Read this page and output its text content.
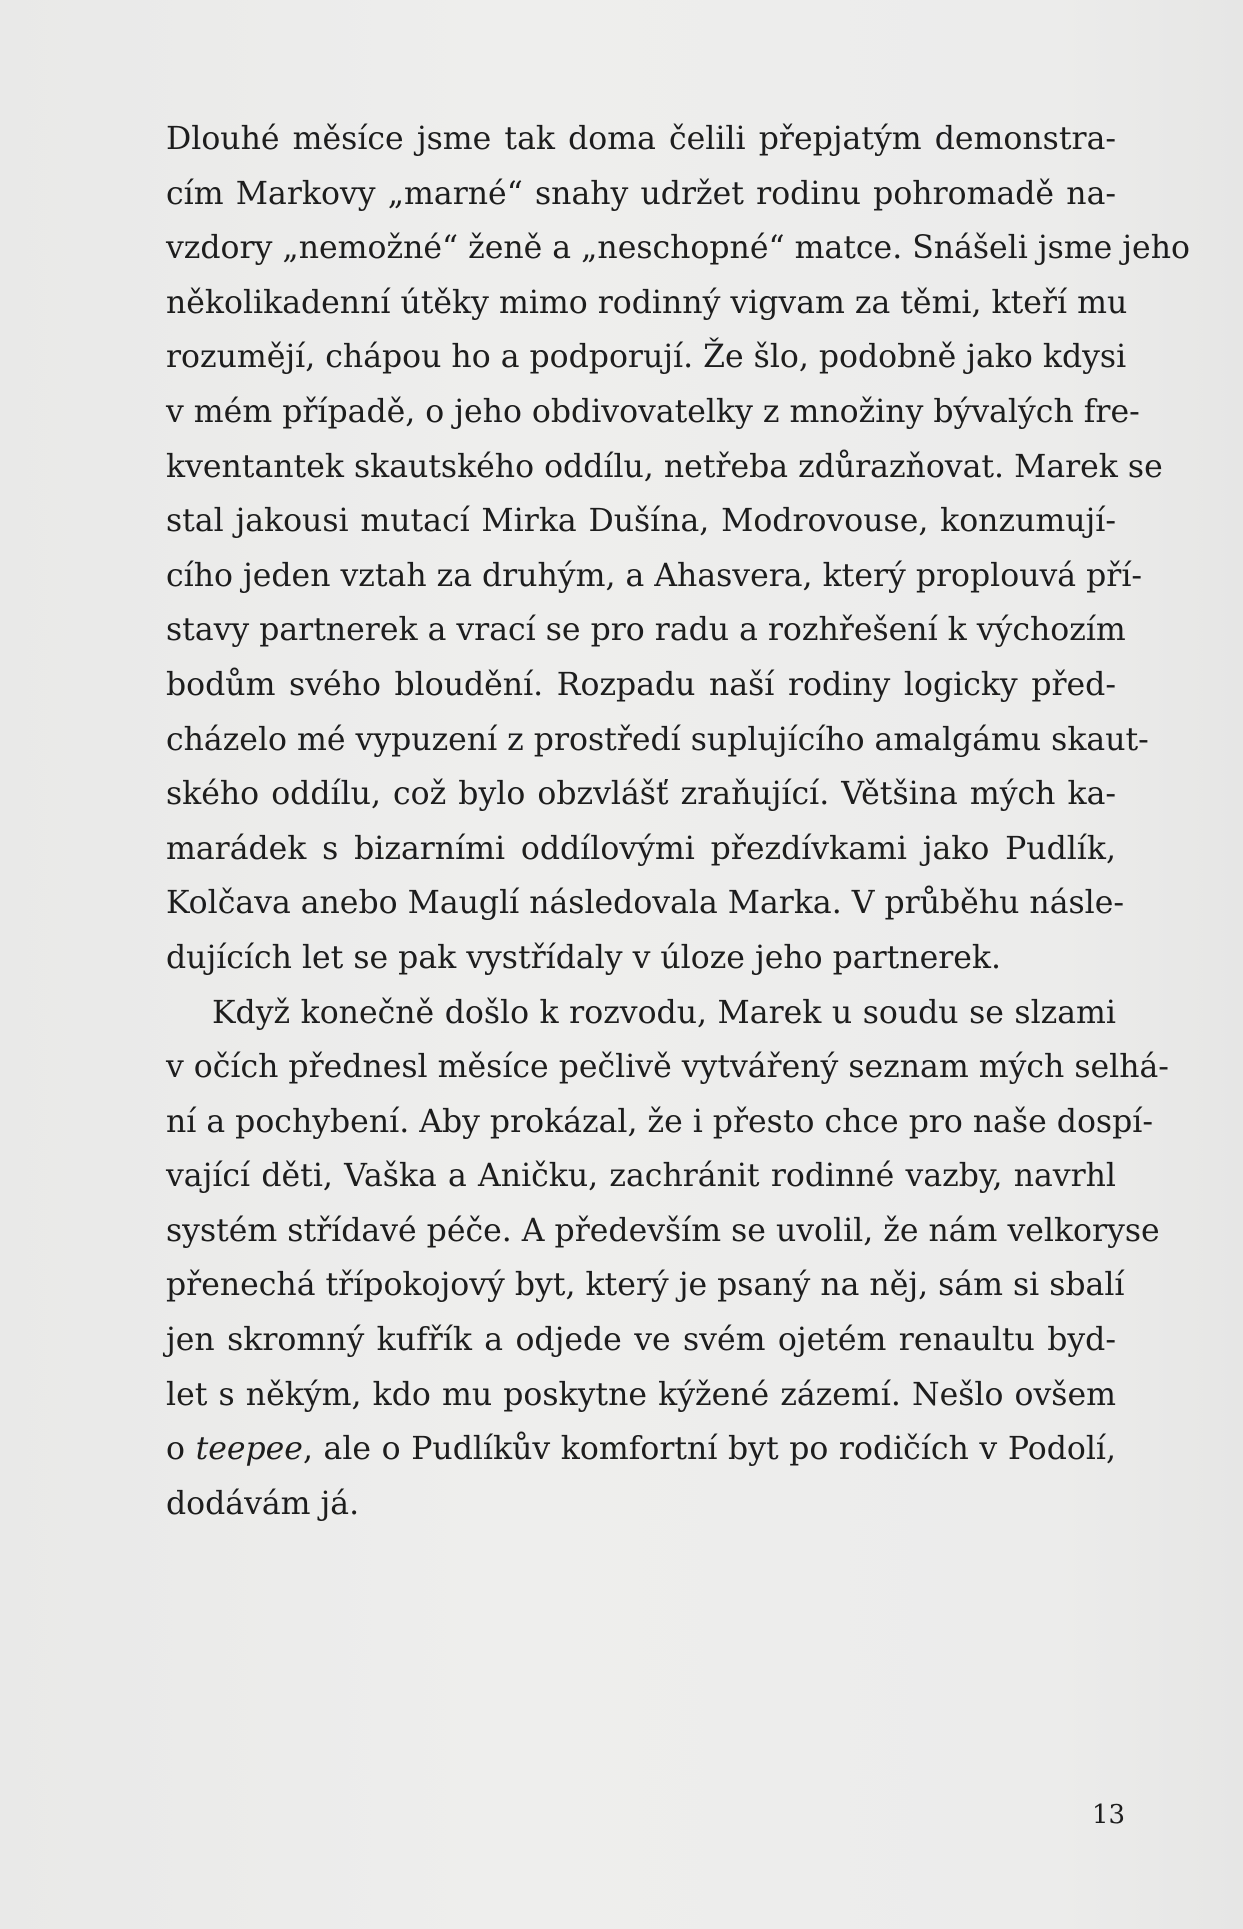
Dlouhé měsíce jsme tak doma čelili přepjatým demonstra-
cím Markovy „marné“ snahy udržet rodinu pohromadě na-
vzdory „nemožné“ ženě a „neschopné“ matce. Snášeli jsme jeho
několikadenní útěky mimo rodinný vigvam za těmi, kteří mu
rozumějí, chápou ho a podporují. Že šlo, podobně jako kdysi
v mém případě, o jeho obdivovatelky z množiny bývalých fre-
kventantek skautského oddílu, netřeba zdůrazňovat. Marek se
stal jakousi mutací Mirka Dušína, Modrovouse, konzumují-
cího jeden vztah za druhým, a Ahasvera, který proplouvá pří-
stavy partnerek a vrací se pro radu a rozhřešení k výchozím
bodům svého bloudění. Rozpadu naší rodiny logicky před-
cházelo mé vypuzení z prostředí suplujícího amalgámu skaut-
ského oddílu, což bylo obzvlášť zraňující. Většina mých ka-
marádek s bizarními oddílovými přezdívkami jako Pudlík,
Kolčava anebo Mauglí následovala Marka. V průběhu násle-
dujících let se pak vystřídaly v úloze jeho partnerek.

Když konečně došlo k rozvodu, Marek u soudu se slzami
v očích přednesl měsíce pečlivě vytvářený seznam mých selhá-
ní a pochybení. Aby prokázal, že i přesto chce pro naše dospí-
vající děti, Vaška a Aničku, zachránit rodinné vazby, navrhl
systém střídavé péče. A především se uvolil, že nám velkoryse
přenechá třípokojový byt, který je psaný na něj, sám si sbalí
jen skromný kufřík a odjede ve svém ojetém renaultu byd-
let s někým, kdo mu poskytne kýžené zázemí. Nešlo ovšem
o teepee, ale o Pudlíkův komfortní byt po rodičích v Podolí,
dodávám já.

13
